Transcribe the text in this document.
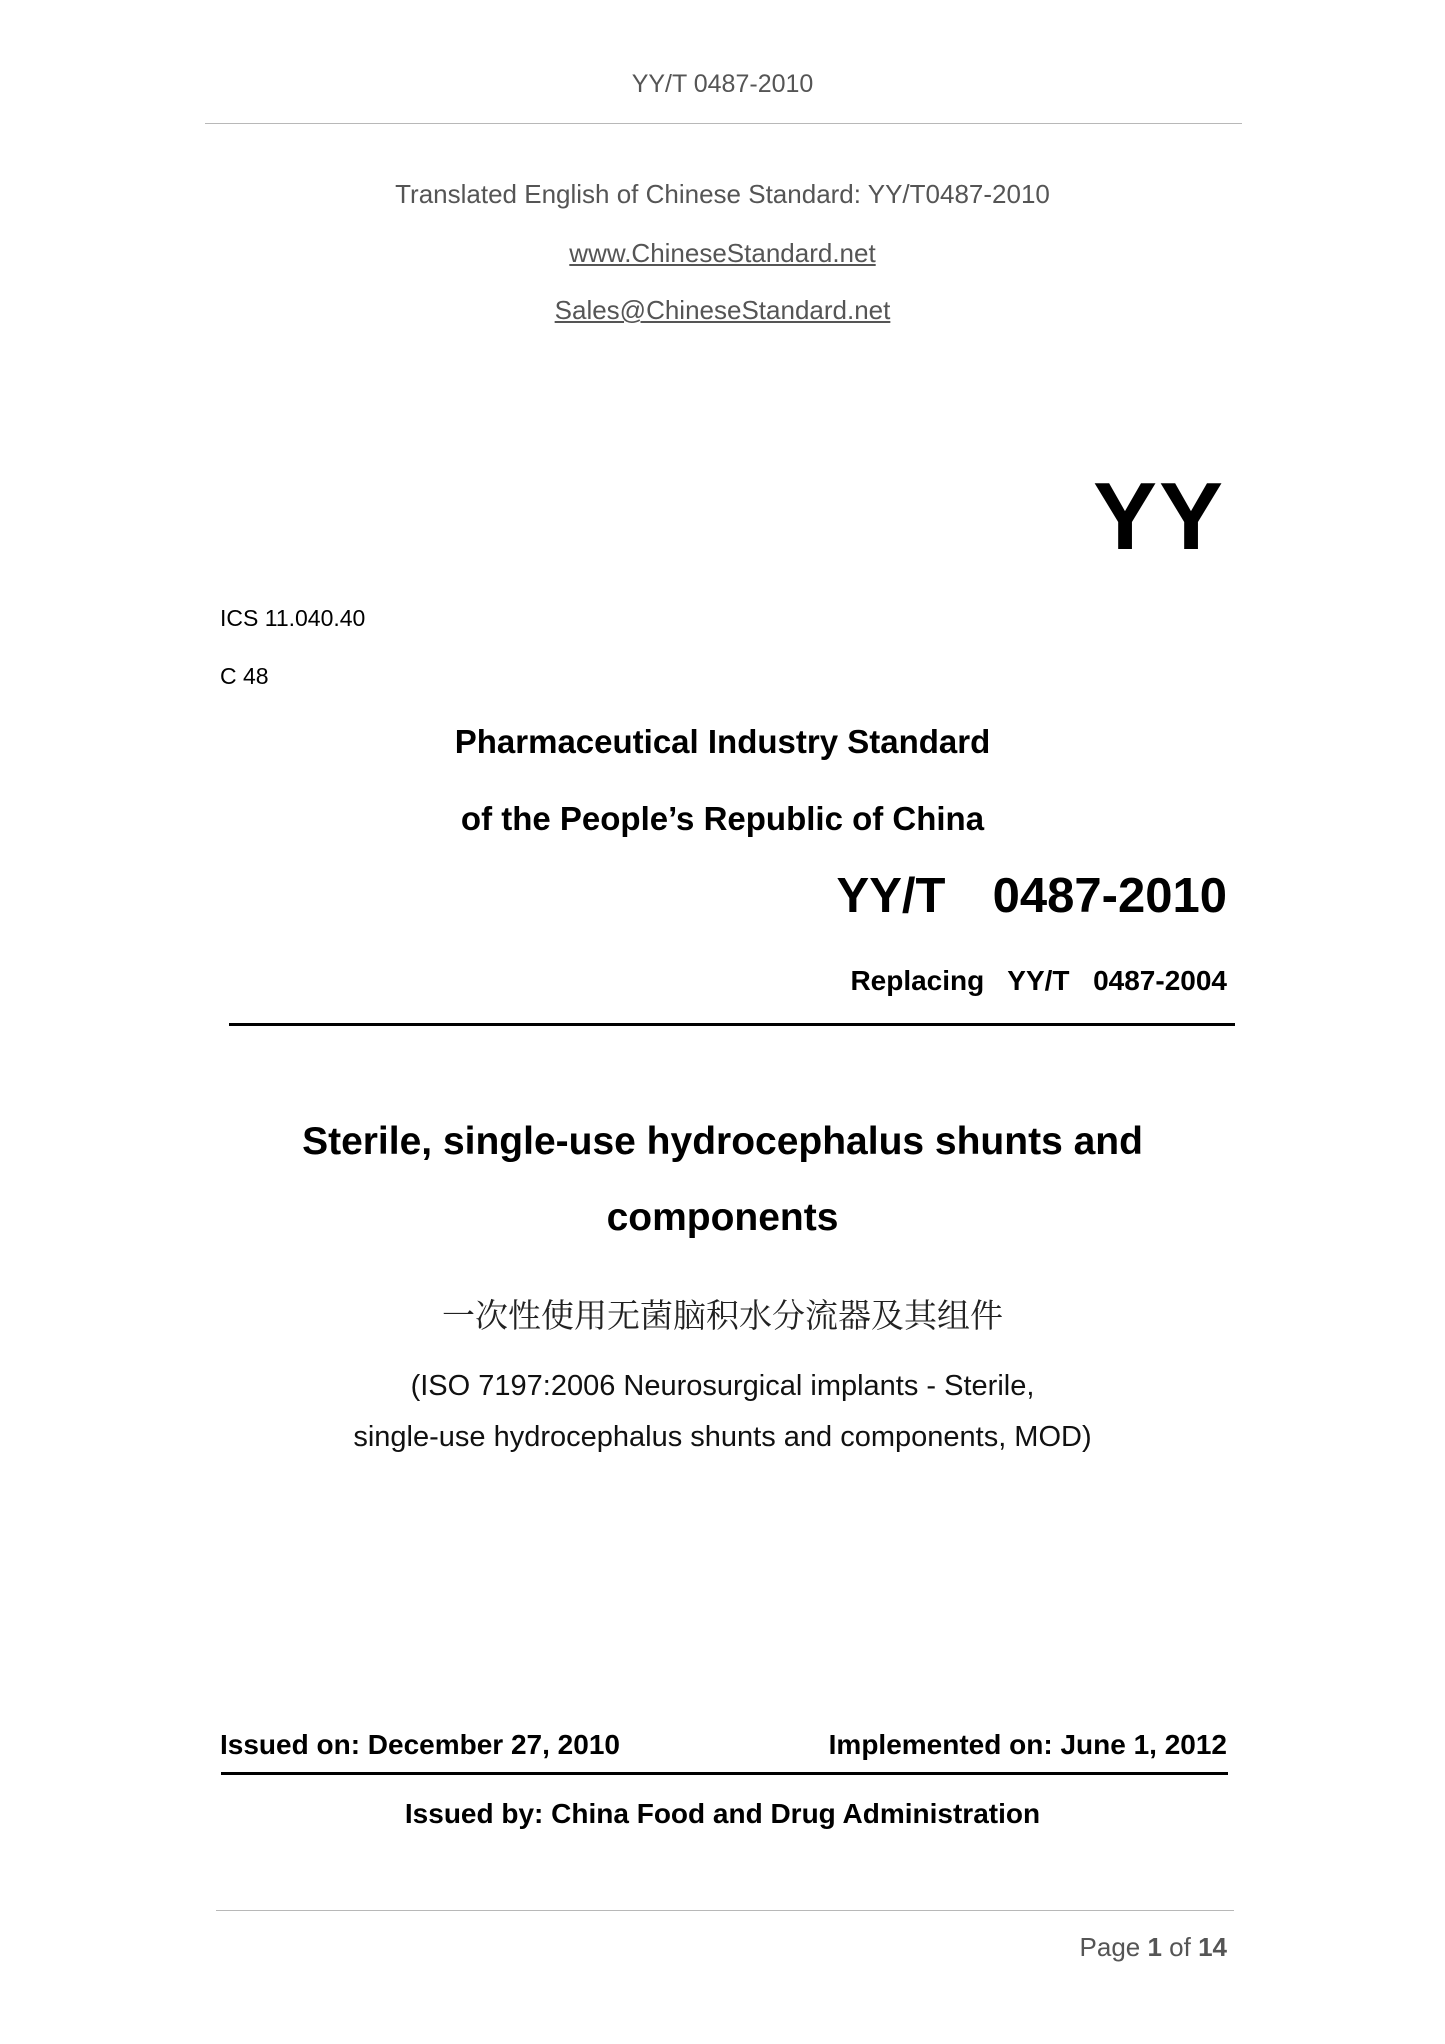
YY/T 0487-2010
Translated English of Chinese Standard: YY/T0487-2010
www.ChineseStandard.net
Sales@ChineseStandard.net
YY
ICS 11.040.40
C 48
Pharmaceutical Industry Standard
of the People’s Republic of China
YY/T  0487-2010
Replacing  YY/T  0487-2004
Sterile, single-use hydrocephalus shunts and
components
一次性使用无菌脑积水分流器及其组件
(ISO 7197:2006 Neurosurgical implants - Sterile,
single-use hydrocephalus shunts and components, MOD)
Issued on: December 27, 2010	Implemented on: June 1, 2012
Issued by: China Food and Drug Administration
Page 1 of 14
